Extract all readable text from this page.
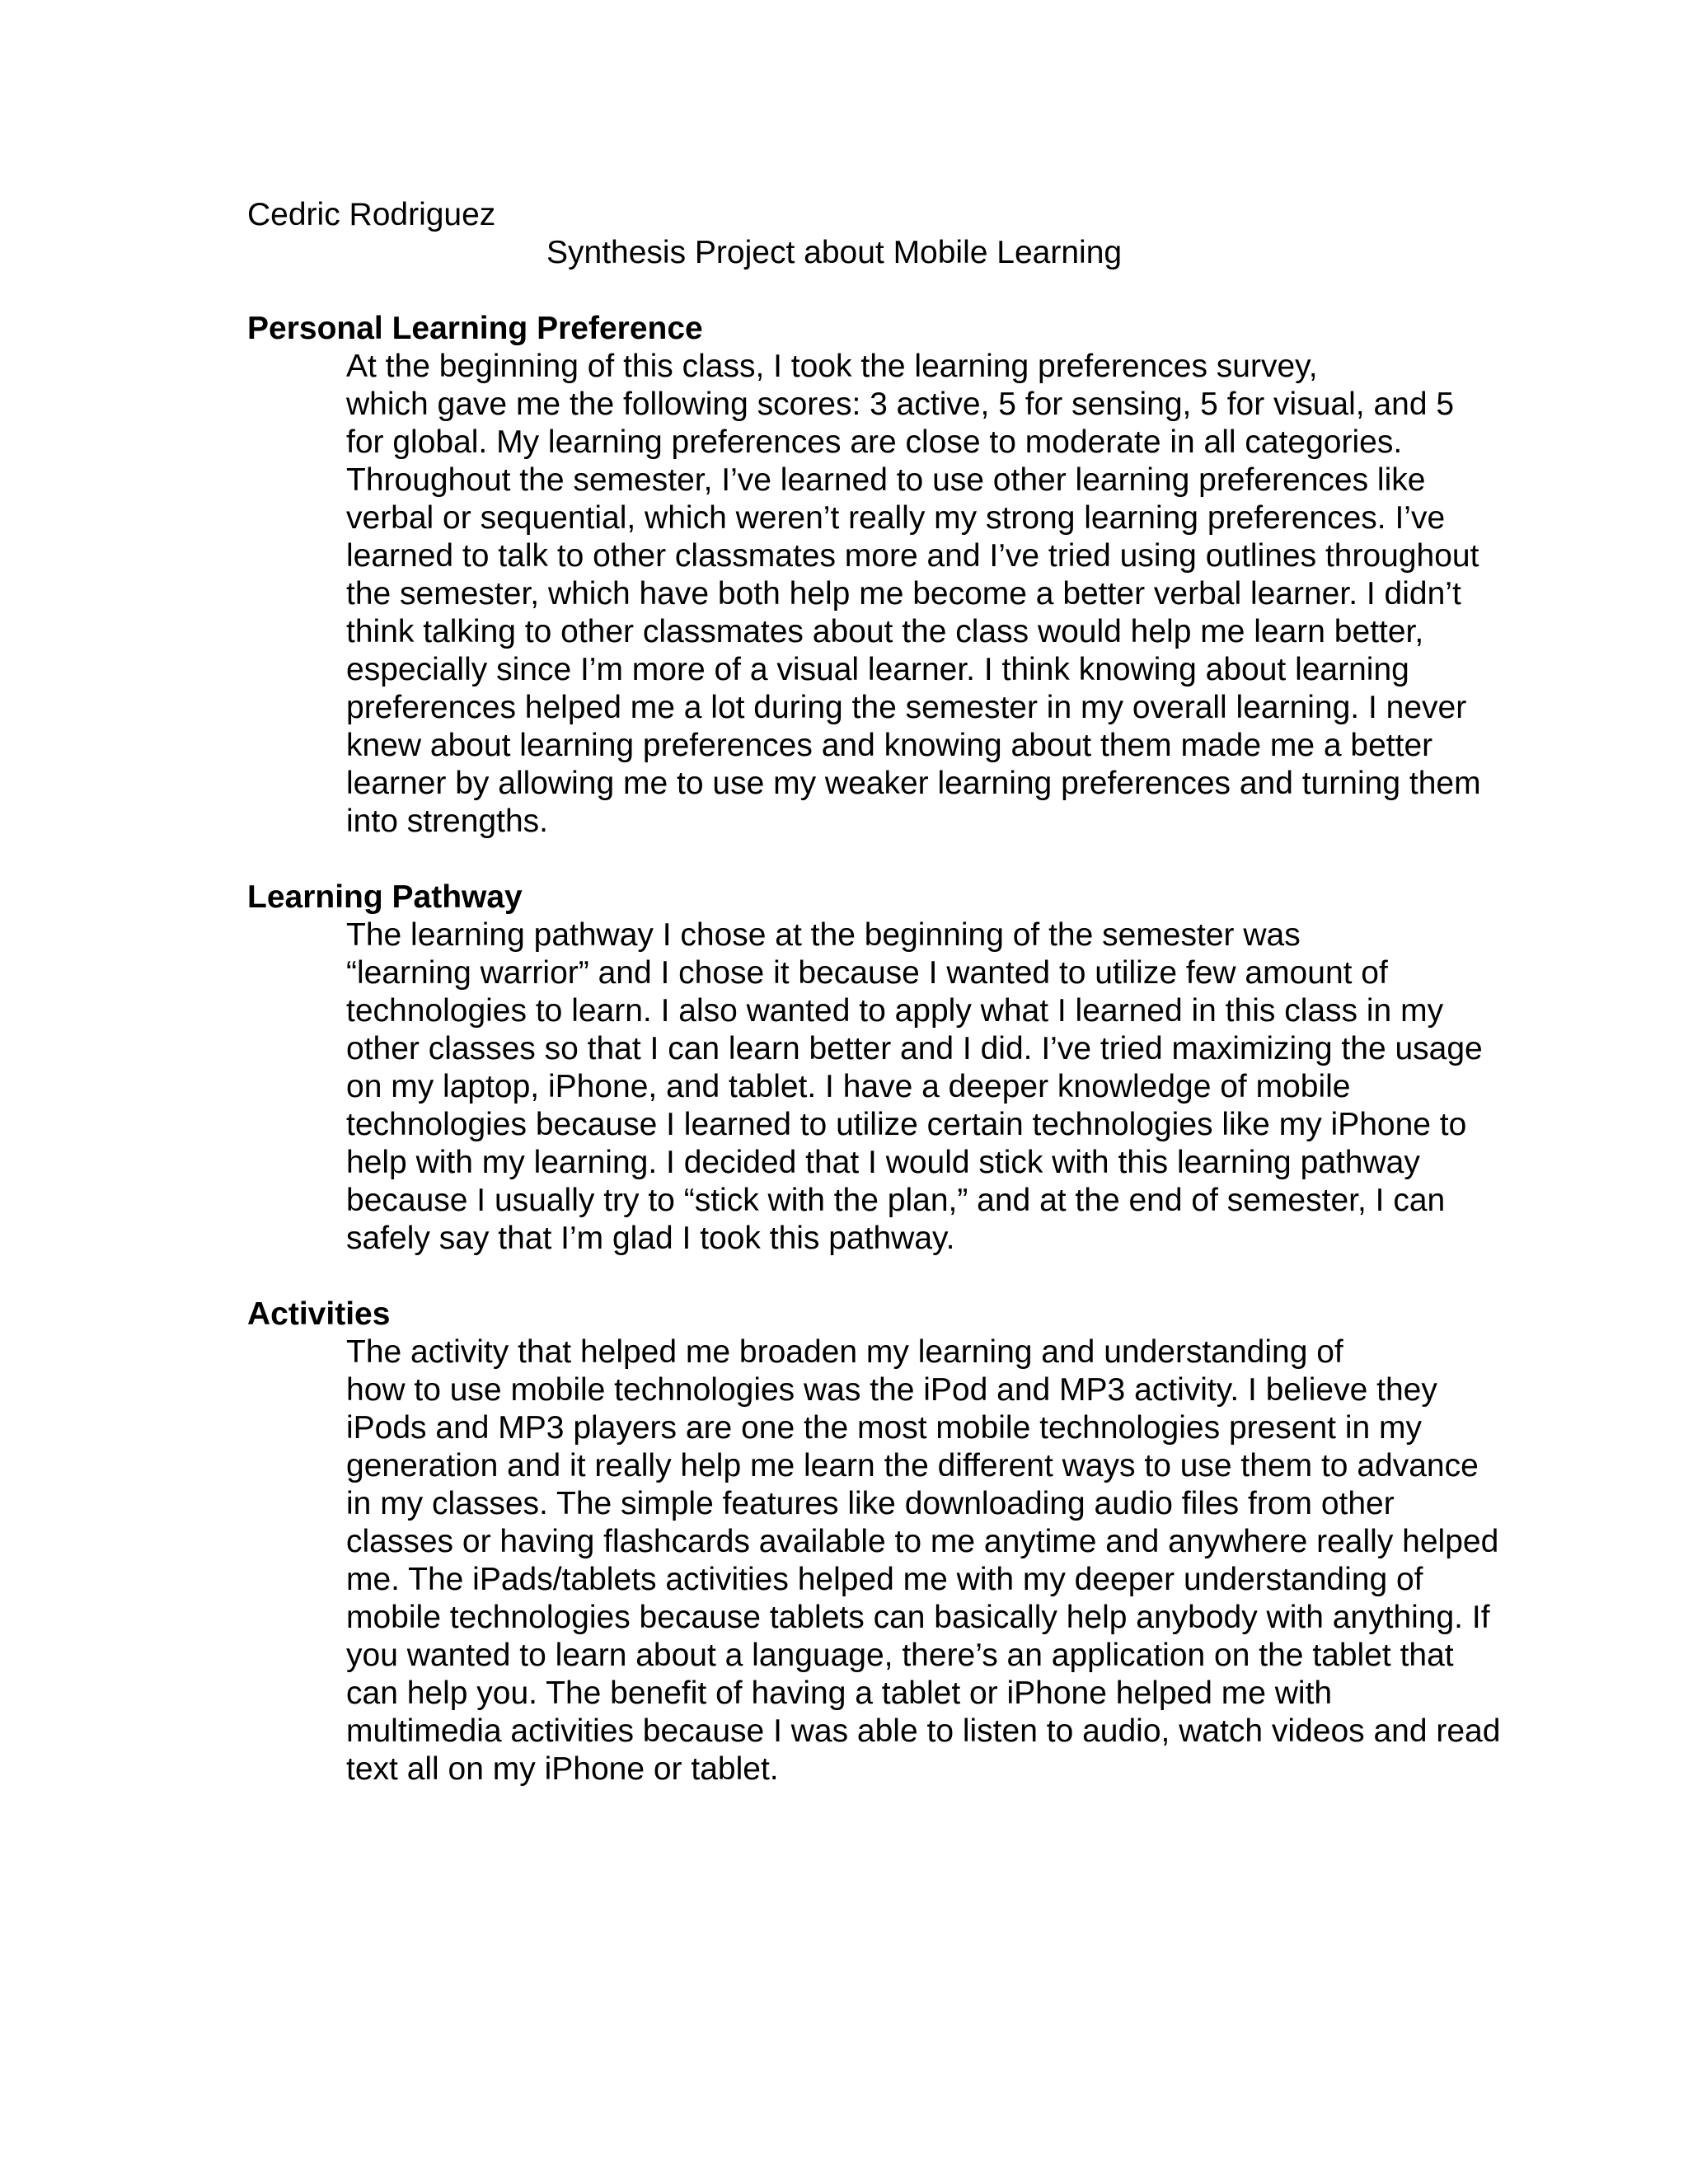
Cedric Rodriguez

Synthesis Project about Mobile Learning

Personal Learning Preference

At the beginning of this class, I took the learning preferences survey,
which gave me the following scores: 3 active, 5 for sensing, 5 for visual, and 5
for global. My learning preferences are close to moderate in all categories.
Throughout the semester, I’ve learned to use other learning preferences like
verbal or sequential, which weren’t really my strong learning preferences. I’ve
learned to talk to other classmates more and I’ve tried using outlines throughout
the semester, which have both help me become a better verbal learner. I didn’t
think talking to other classmates about the class would help me learn better,
especially since I’m more of a visual learner. I think knowing about learning
preferences helped me a lot during the semester in my overall learning. I never
knew about learning preferences and knowing about them made me a better
learner by allowing me to use my weaker learning preferences and turning them
into strengths.

Learning Pathway

The learning pathway I chose at the beginning of the semester was
“learning warrior” and I chose it because I wanted to utilize few amount of
technologies to learn. I also wanted to apply what I learned in this class in my
other classes so that I can learn better and I did. I’ve tried maximizing the usage
on my laptop, iPhone, and tablet. I have a deeper knowledge of mobile
technologies because I learned to utilize certain technologies like my iPhone to
help with my learning. I decided that I would stick with this learning pathway
because I usually try to “stick with the plan,” and at the end of semester, I can
safely say that I’m glad I took this pathway.

Activities

The activity that helped me broaden my learning and understanding of
how to use mobile technologies was the iPod and MP3 activity. I believe they
iPods and MP3 players are one the most mobile technologies present in my
generation and it really help me learn the different ways to use them to advance
in my classes. The simple features like downloading audio files from other
classes or having flashcards available to me anytime and anywhere really helped
me. The iPads/tablets activities helped me with my deeper understanding of
mobile technologies because tablets can basically help anybody with anything. If
you wanted to learn about a language, there’s an application on the tablet that
can help you. The benefit of having a tablet or iPhone helped me with
multimedia activities because I was able to listen to audio, watch videos and read
text all on my iPhone or tablet.
